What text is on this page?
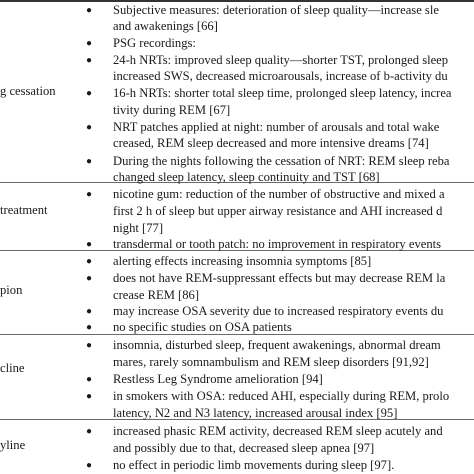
g cessation
● Subjective measures: deterioration of sleep quality—increase sle
and awakenings [66]
● PSG recordings:
● 24-h NRTs: improved sleep quality—shorter TST, prolonged sleep
increased SWS, decreased microarousals, increase of b-activity du
● 16-h NRTs: shorter total sleep time, prolonged sleep latency, increa
tivity during REM [67]
● NRT patches applied at night: number of arousals and total wake
creased, REM sleep decreased and more intensive dreams [74]
● During the nights following the cessation of NRT: REM sleep reba
changed sleep latency, sleep continuity and TST [68]
treatment
● nicotine gum: reduction of the number of obstructive and mixed a
first 2 h of sleep but upper airway resistance and AHI increased d
night [77]
● transdermal or tooth patch: no improvement in respiratory events
pion
● alerting effects increasing insomnia symptoms [85]
● does not have REM-suppressant effects but may decrease REM la
crease REM [86]
● may increase OSA severity due to increased respiratory events du
● no specific studies on OSA patients
cline
● insomnia, disturbed sleep, frequent awakenings, abnormal dream
mares, rarely somnambulism and REM sleep disorders [91,92]
● Restless Leg Syndrome amelioration [94]
● in smokers with OSA: reduced AHI, especially during REM, prolo
latency, N2 and N3 latency, increased arousal index [95]
yline
● increased phasic REM activity, decreased REM sleep acutely and
and possibly due to that, decreased sleep apnea [97]
● no effect in periodic limb movements during sleep [97].
